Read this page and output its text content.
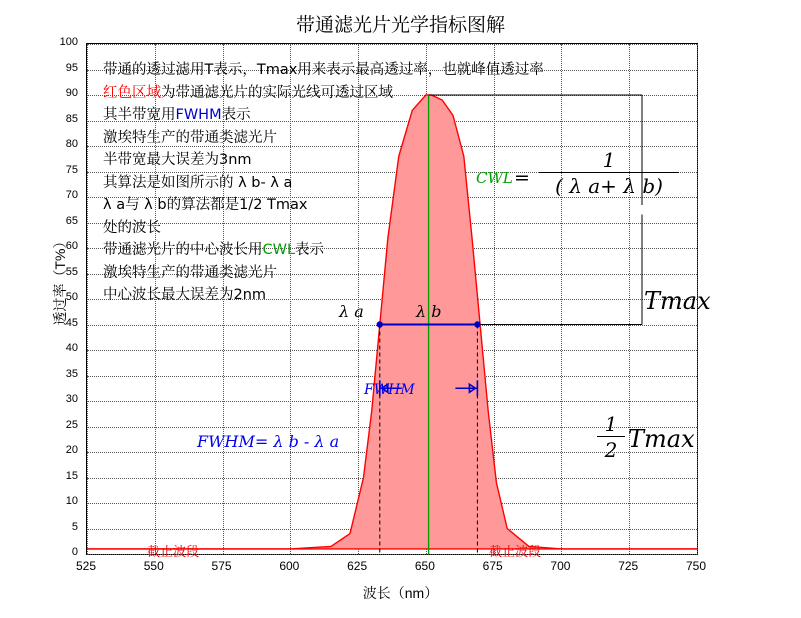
带通滤光片光学指标图解
透过率（T%）
波长（nm）
0
5
10
15
20
25
30
35
40
45
50
55
60
65
70
75
80
85
90
95
100
525	550	575	600	625	650	675	700	725	750
带通的透过滤用T表示，Tmax用来表示最高透过率，也就峰值透过率
红色区域为带通滤光片的实际光线可透过区域
其半带宽用FWHM表示
激埃特生产的带通类滤光片
半带宽最大误差为3nm
其算法是如图所示的 λ b- λ a
λ a与 λ b的算法都是1/2 Tmax
处的波长
带通滤光片的中心波长用CWL表示
激埃特生产的带通类滤光片
中心波长最大误差为2nm
截止波段	截止波段
λ a	λ b
FWHM
FWHM= λ b - λ a
CWL =
1
( λ a+ λ b)
Tmax
1
2 Tmax
